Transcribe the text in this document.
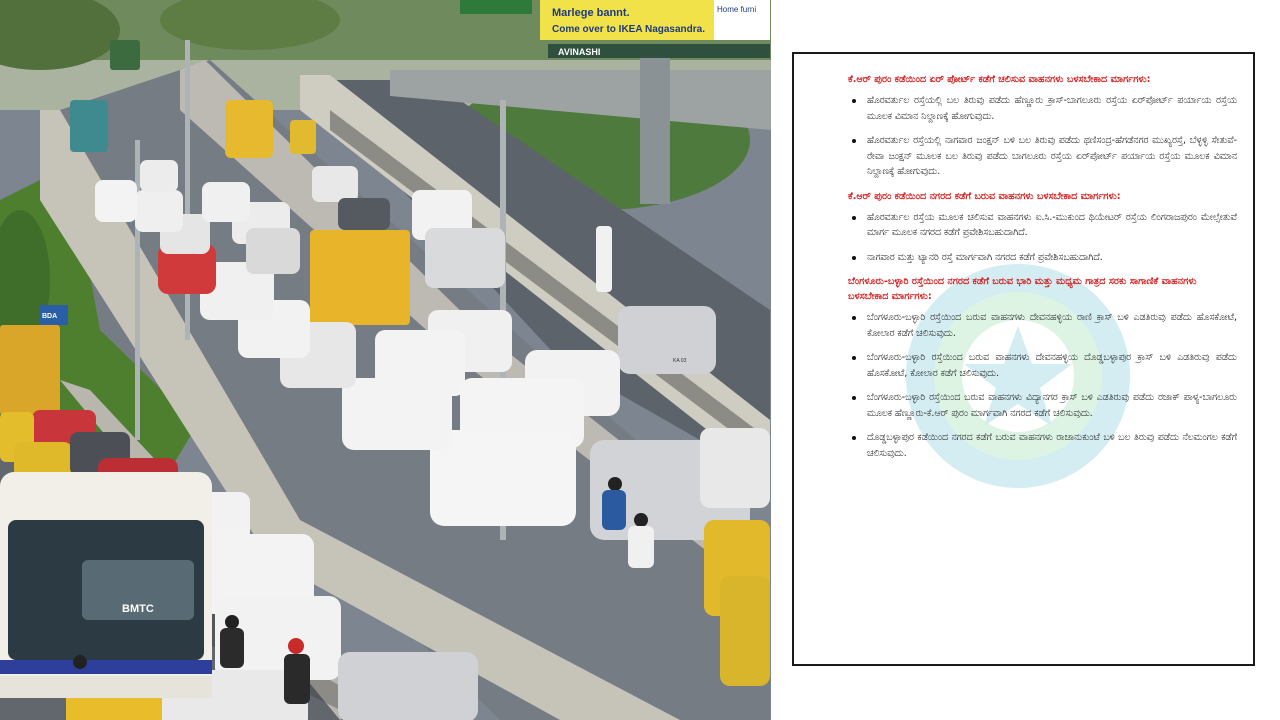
BMTC
Marlege bannt.
Come over to IKEA Nagasandra.
Home furni
AVINASHI
BDA
KA 03
ಕೆ.ಆರ್ ಪುರಂ ಕಡೆಯಿಂದ ಏರ್ ಪೋರ್ಟ್ ಕಡೆಗೆ ಚಲಿಸುವ ವಾಹನಗಳು ಬಳಸಬೇಕಾದ ಮಾರ್ಗಗಳು:
ಹೊರವರ್ತುಲ ರಸ್ತೆಯಲ್ಲಿ ಬಲ ತಿರುವು ಪಡೆದು ಹೆಣ್ಣೂರು ಕ್ರಾಸ್-ಬಾಗಲೂರು ರಸ್ತೆಯ ಏರ್‌ಪೋರ್ಟ್ ಪರ್ಯಾಯ ರಸ್ತೆಯ ಮೂಲಕ ವಿಮಾನ ನಿಲ್ದಾಣಕ್ಕೆ ಹೋಗುವುದು.
ಹೊರವರ್ತುಲ ರಸ್ತೆಯಲ್ಲಿ ನಾಗವಾರ ಜಂಕ್ಷನ್ ಬಳಿ ಬಲ ತಿರುವು ಪಡೆದು ಥಣಿಸಂದ್ರ-ಹೆಗಡೆನಗರ ಮುಖ್ಯರಸ್ತೆ, ಬೆಳ್ಳಳ್ಳಿ ಸೇತುವೆ-ರೇವಾ ಜಂಕ್ಷನ್ ಮೂಲಕ ಬಲ ತಿರುವು ಪಡೆದು ಬಾಗಲೂರು ರಸ್ತೆಯ ಏರ್‌ಪೋರ್ಟ್ ಪರ್ಯಾಯ ರಸ್ತೆಯ ಮೂಲಕ ವಿಮಾನ ನಿಲ್ದಾಣಕ್ಕೆ ಹೋಗುವುದು.
ಕೆ.ಆರ್ ಪುರಂ ಕಡೆಯಿಂದ ನಗರದ ಕಡೆಗೆ ಬರುವ ವಾಹನಗಳು ಬಳಸಬೇಕಾದ ಮಾರ್ಗಗಳು:
ಹೊರವರ್ತುಲ ರಸ್ತೆಯ ಮೂಲಕ ಚಲಿಸುವ ವಾಹನಗಳು ಐ.ಸಿ.-ಮುಕುಂದ ಥಿಯೇಟರ್ ರಸ್ತೆಯ ಲಿಂಗರಾಜಪುರಂ ಮೇಲ್ಸೇತುವೆ ಮಾರ್ಗ ಮೂಲಕ ನಗರದ ಕಡೆಗೆ ಪ್ರವೇಶಿಸಬಹುದಾಗಿದೆ.
ನಾಗವಾರ ಮತ್ತು ಟ್ಯಾನರಿ ರಸ್ತೆ ಮಾರ್ಗವಾಗಿ ನಗರದ ಕಡೆಗೆ ಪ್ರವೇಶಿಸಬಹುದಾಗಿದೆ.
ಬೆಂಗಳೂರು-ಬಳ್ಳಾರಿ ರಸ್ತೆಯಿಂದ ನಗರದ ಕಡೆಗೆ ಬರುವ ಭಾರಿ ಮತ್ತು ಮಧ್ಯಮ ಗಾತ್ರದ ಸರಕು ಸಾಗಾಣಿಕೆ ವಾಹನಗಳು ಬಳಸಬೇಕಾದ ಮಾರ್ಗಗಳು:
ಬೆಂಗಳೂರು-ಬಳ್ಳಾರಿ ರಸ್ತೆಯಿಂದ ಬರುವ ವಾಹನಗಳು ದೇವನಹಳ್ಳಿಯ ರಾಣಿ ಕ್ರಾಸ್ ಬಳಿ ಎಡತಿರುವು ಪಡೆದು ಹೊಸಕೋಟೆ, ಕೋಲಾರ ಕಡೆಗೆ ಚಲಿಸುವುದು.
ಬೆಂಗಳೂರು-ಬಳ್ಳಾರಿ ರಸ್ತೆಯಿಂದ ಬರುವ ವಾಹನಗಳು ದೇವನಹಳ್ಳಿಯ ದೊಡ್ಡಬಳ್ಳಾಪುರ ಕ್ರಾಸ್ ಬಳಿ ಎಡತಿರುವು ಪಡೆದು ಹೊಸಕೋಟೆ, ಕೋಲಾರ ಕಡೆಗೆ ಚಲಿಸುವುದು.
ಬೆಂಗಳೂರು-ಬಳ್ಳಾರಿ ರಸ್ತೆಯಿಂದ ಬರುವ ವಾಹನಗಳು ವಿದ್ಯಾನಗರ ಕ್ರಾಸ್ ಬಳಿ ಎಡತಿರುವು ಪಡೆದು ರಜಾಕ್ ಪಾಳ್ಯ-ಬಾಗಲೂರು ಮೂಲಕ ಹೆಣ್ಣೂರು-ಕೆ.ಆರ್ ಪುರಂ ಮಾರ್ಗವಾಗಿ ನಗರದ ಕಡೆಗೆ ಚಲಿಸುವುದು.
ದೊಡ್ಡಬಳ್ಳಾಪುರ ಕಡೆಯಿಂದ ನಗರದ ಕಡೆಗೆ ಬರುವ ವಾಹನಗಳು ರಾಜಾನುಕುಂಟೆ ಬಳಿ ಬಲ ತಿರುವು ಪಡೆದು ನೆಲಮಂಗಲ ಕಡೆಗೆ ಚಲಿಸುವುದು.
